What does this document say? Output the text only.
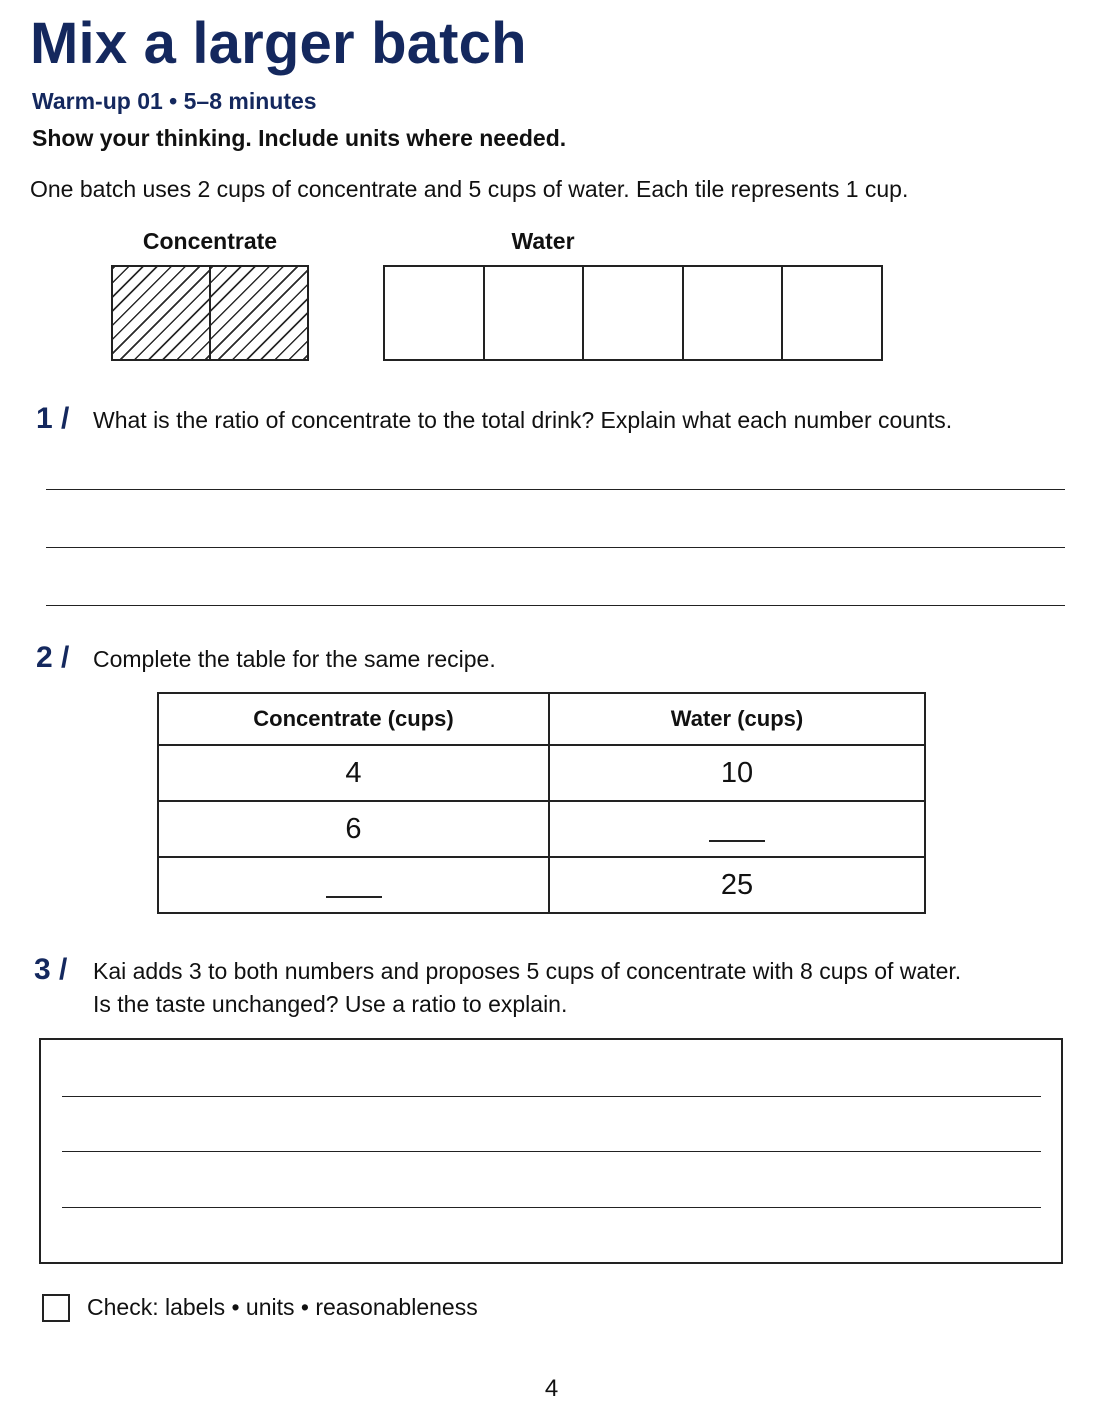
Mix a larger batch
Warm-up 01 • 5–8 minutes
Show your thinking. Include units where needed.
One batch uses 2 cups of concentrate and 5 cups of water. Each tile represents 1 cup.
Concentrate	Water
1 / What is the ratio of concentrate to the total drink? Explain what each number counts.
2 / Complete the table for the same recipe.
Concentrate (cups)	Water (cups)
4	10
6	
	25
3 / Kai adds 3 to both numbers and proposes 5 cups of concentrate with 8 cups of water.
Is the taste unchanged? Use a ratio to explain.
Check: labels • units • reasonableness
4
